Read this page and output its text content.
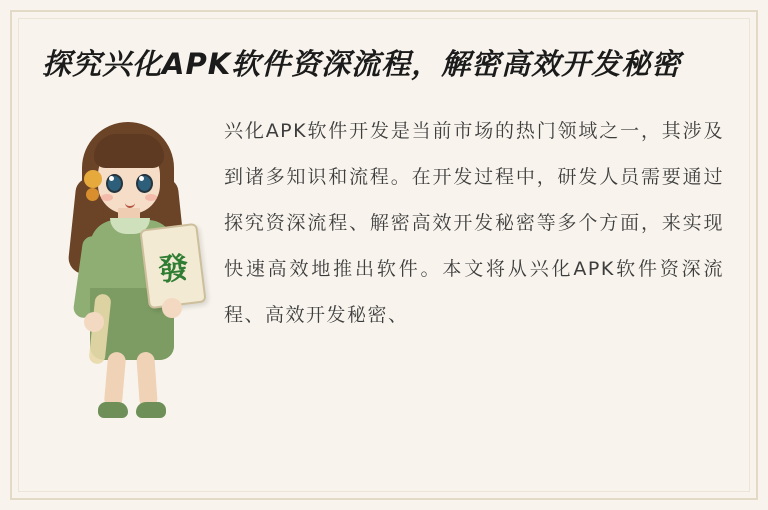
探究兴化APK软件资深流程，解密高效开发秘密
發

兴化APK软件开发是当前市场的热门领域之一，其涉及到诸多知识和流程。在开发过程中，研发人员需要通过探究资深流程、解密高效开发秘密等多个方面，来实现快速高效地推出软件。本文将从兴化APK软件资深流程、高效开发秘密、
